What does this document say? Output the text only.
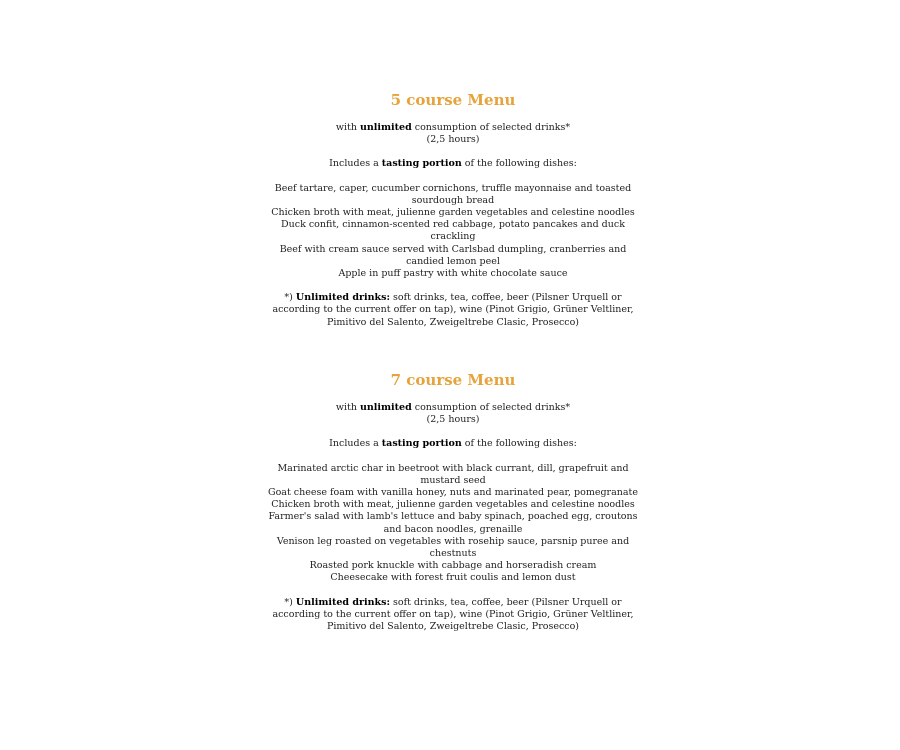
5 course Menu

with unlimited consumption of selected drinks*

(2,5 hours)

Includes a tasting portion of the following dishes:

Beef tartare, caper, cucumber cornichons, truffle mayonnaise and toasted sourdough bread

Chicken broth with meat, julienne garden vegetables and celestine noodles

Duck confit, cinnamon-scented red cabbage, potato pancakes and duck crackling

Beef with cream sauce served with Carlsbad dumpling, cranberries and candied lemon peel

Apple in puff pastry with white chocolate sauce

*) Unlimited drinks: soft drinks, tea, coffee, beer (Pilsner Urquell or according to the current offer on tap), wine (Pinot Grigio, Grüner Veltliner, Pimitivo del Salento, Zweigeltrebe Clasic, Prosecco)

7 course Menu

with unlimited consumption of selected drinks*

(2,5 hours)

Includes a tasting portion of the following dishes:

Marinated arctic char in beetroot with black currant, dill, grapefruit and mustard seed

Goat cheese foam with vanilla honey, nuts and marinated pear, pomegranate

Chicken broth with meat, julienne garden vegetables and celestine noodles

Farmer's salad with lamb's lettuce and baby spinach, poached egg, croutons and bacon noodles, grenaille

Venison leg roasted on vegetables with rosehip sauce, parsnip puree and chestnuts

Roasted pork knuckle with cabbage and horseradish cream

Cheesecake with forest fruit coulis and lemon dust

*) Unlimited drinks: soft drinks, tea, coffee, beer (Pilsner Urquell or according to the current offer on tap), wine (Pinot Grigio, Grüner Veltliner, Pimitivo del Salento, Zweigeltrebe Clasic, Prosecco)
